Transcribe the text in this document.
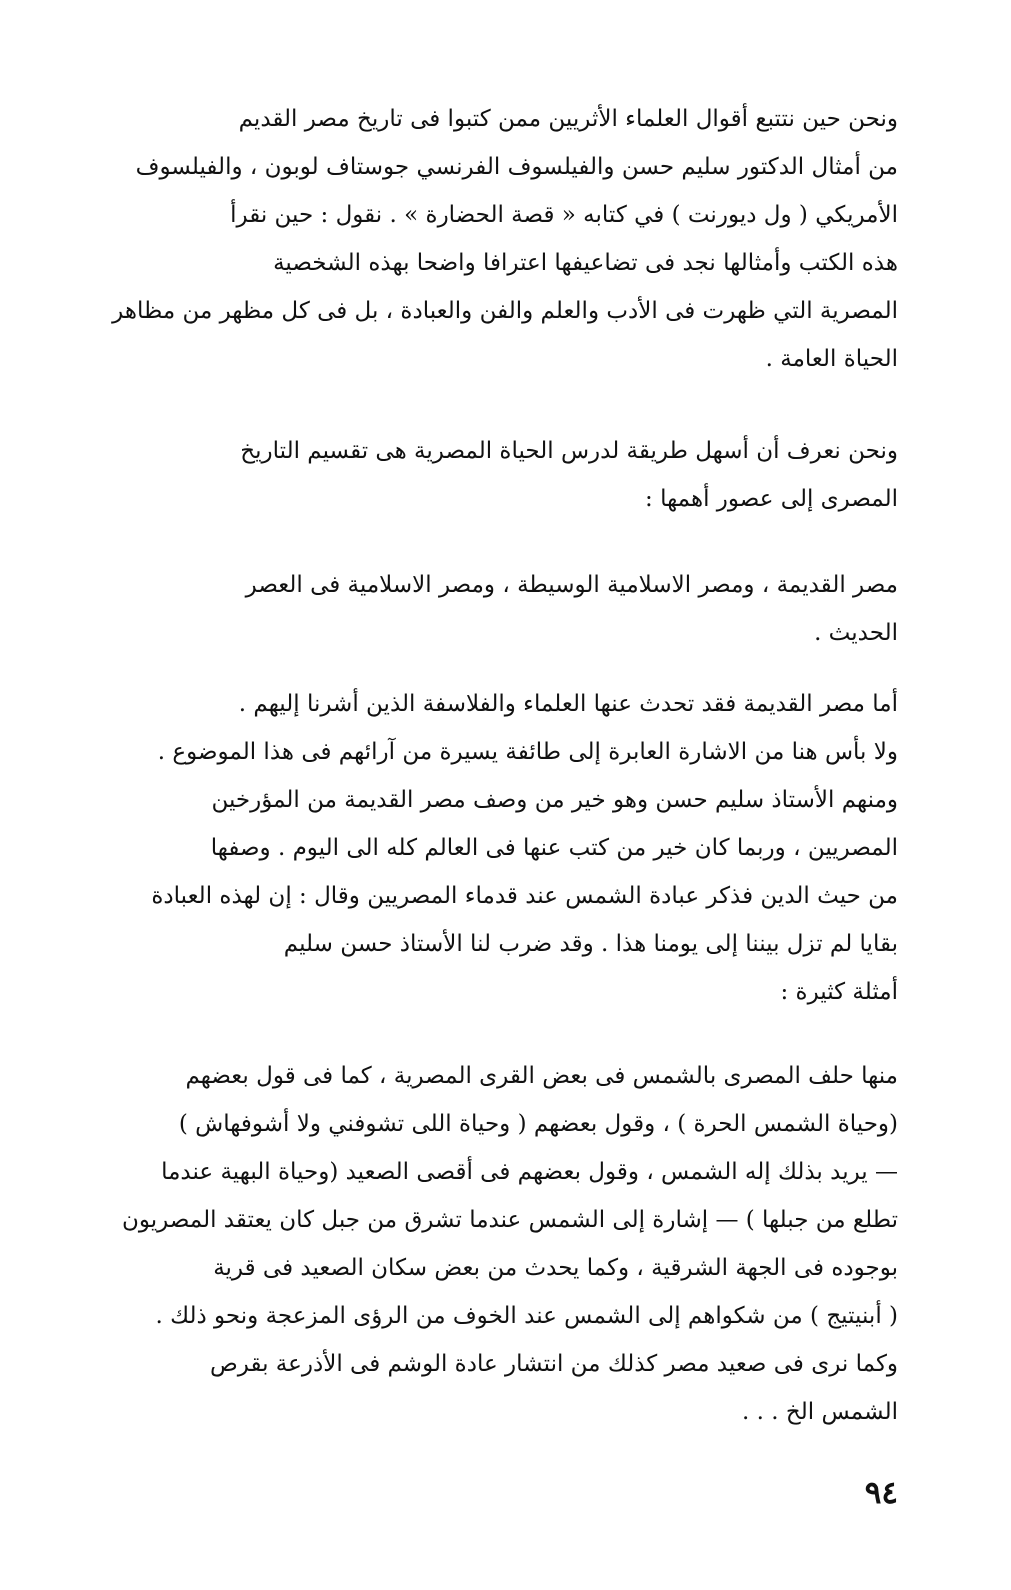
ونحن حين نتتبع أقوال العلماء الأثريين ممن كتبوا فى تاريخ مصر القديم
من أمثال الدكتور سليم حسن والفيلسوف الفرنسي جوستاف لوبون ، والفيلسوف
الأمريكي ( ول ديورنت ) في كتابه « قصة الحضارة » . نقول : حين نقرأ
هذه الكتب وأمثالها نجد فى تضاعيفها اعترافا واضحا بهذه الشخصية
المصرية التي ظهرت فى الأدب والعلم والفن والعبادة ، بل فى كل مظهر من مظاهر
الحياة العامة .
ونحن نعرف أن أسهل طريقة لدرس الحياة المصرية هى تقسيم التاريخ
المصرى إلى عصور أهمها :
مصر القديمة ، ومصر الاسلامية الوسيطة ، ومصر الاسلامية فى العصر
الحديث .
أما مصر القديمة فقد تحدث عنها العلماء والفلاسفة الذين أشرنا إليهم .
ولا بأس هنا من الاشارة العابرة إلى طائفة يسيرة من آرائهم فى هذا الموضوع .
ومنهم الأستاذ سليم حسن وهو خير من وصف مصر القديمة من المؤرخين
المصريين ، وربما كان خير من كتب عنها فى العالم كله الى اليوم . وصفها
من حيث الدين فذكر عبادة الشمس عند قدماء المصريين وقال : إن لهذه العبادة
بقايا لم تزل بيننا إلى يومنا هذا . وقد ضرب لنا الأستاذ حسن سليم
أمثلة كثيرة :
منها حلف المصرى بالشمس فى بعض القرى المصرية ، كما فى قول بعضهم
(وحياة الشمس الحرة ) ، وقول بعضهم ( وحياة اللى تشوفني ولا أشوفهاش )
— يريد بذلك إله الشمس ، وقول بعضهم فى أقصى الصعيد (وحياة البهية عندما
تطلع من جبلها ) — إشارة إلى الشمس عندما تشرق من جبل كان يعتقد المصريون
بوجوده فى الجهة الشرقية ، وكما يحدث من بعض سكان الصعيد فى قرية
( أبنيتيج ) من شكواهم إلى الشمس عند الخوف من الرؤى المزعجة ونحو ذلك .
وكما نرى فى صعيد مصر كذلك من انتشار عادة الوشم فى الأذرعة بقرص
الشمس الخ . . .
٩٤
